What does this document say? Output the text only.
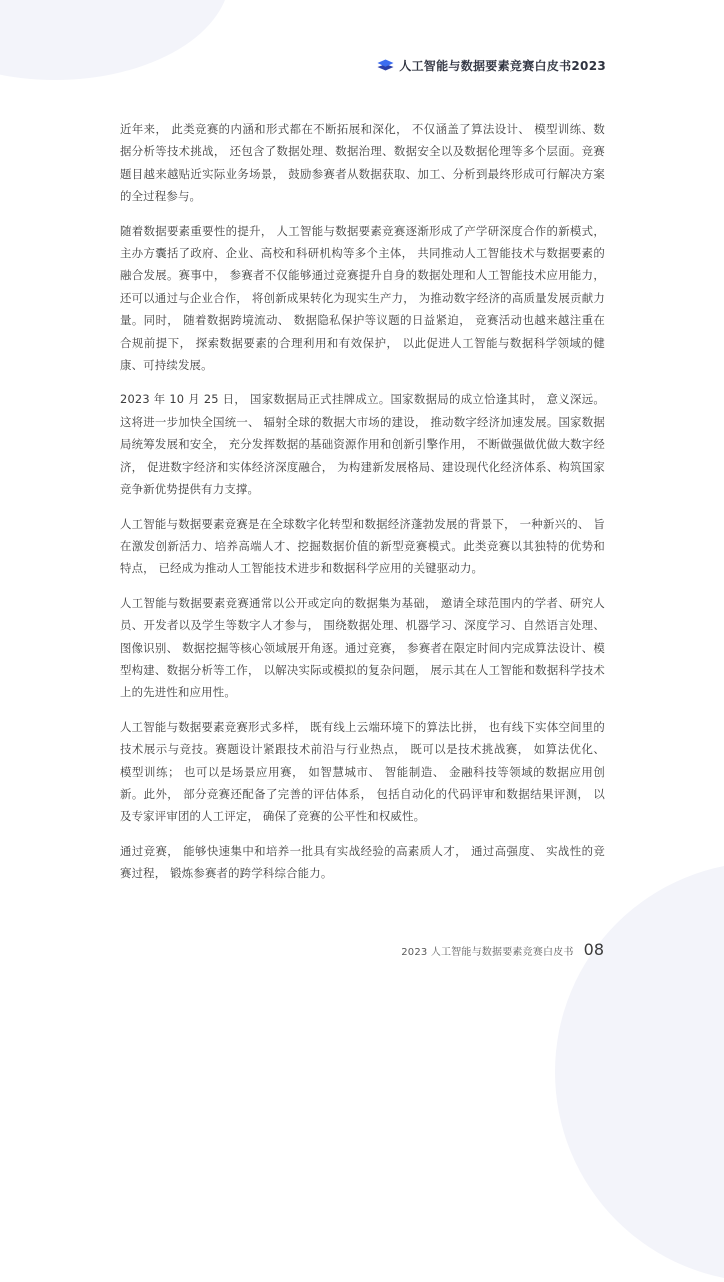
人工智能与数据要素竞赛白皮书2023

近年来， 此类竞赛的内涵和形式都在不断拓展和深化， 不仅涵盖了算法设计、 模型训练、数据分析等技术挑战， 还包含了数据处理、数据治理、数据安全以及数据伦理等多个层面。竞赛题目越来越贴近实际业务场景， 鼓励参赛者从数据获取、加工、分析到最终形成可行解决方案的全过程参与。

随着数据要素重要性的提升， 人工智能与数据要素竞赛逐渐形成了产学研深度合作的新模式， 主办方囊括了政府、企业、高校和科研机构等多个主体， 共同推动人工智能技术与数据要素的融合发展。赛事中， 参赛者不仅能够通过竞赛提升自身的数据处理和人工智能技术应用能力， 还可以通过与企业合作， 将创新成果转化为现实生产力， 为推动数字经济的高质量发展贡献力量。同时， 随着数据跨境流动、 数据隐私保护等议题的日益紧迫， 竞赛活动也越来越注重在合规前提下， 探索数据要素的合理利用和有效保护， 以此促进人工智能与数据科学领域的健康、可持续发展。

2023 年 10 月 25 日， 国家数据局正式挂牌成立。国家数据局的成立恰逢其时， 意义深远。这将进一步加快全国统一、 辐射全球的数据大市场的建设， 推动数字经济加速发展。国家数据局统筹发展和安全， 充分发挥数据的基础资源作用和创新引擎作用， 不断做强做优做大数字经济， 促进数字经济和实体经济深度融合， 为构建新发展格局、建设现代化经济体系、构筑国家竞争新优势提供有力支撑。

人工智能与数据要素竞赛是在全球数字化转型和数据经济蓬勃发展的背景下， 一种新兴的、 旨在激发创新活力、培养高端人才、挖掘数据价值的新型竞赛模式。此类竞赛以其独特的优势和特点， 已经成为推动人工智能技术进步和数据科学应用的关键驱动力。

人工智能与数据要素竞赛通常以公开或定向的数据集为基础， 邀请全球范围内的学者、研究人员、开发者以及学生等数字人才参与， 围绕数据处理、机器学习、深度学习、自然语言处理、 图像识别、 数据挖掘等核心领域展开角逐。通过竞赛， 参赛者在限定时间内完成算法设计、模型构建、数据分析等工作， 以解决实际或模拟的复杂问题， 展示其在人工智能和数据科学技术上的先进性和应用性。

人工智能与数据要素竞赛形式多样， 既有线上云端环境下的算法比拼， 也有线下实体空间里的技术展示与竞技。赛题设计紧跟技术前沿与行业热点， 既可以是技术挑战赛， 如算法优化、 模型训练； 也可以是场景应用赛， 如智慧城市、 智能制造、 金融科技等领域的数据应用创新。此外， 部分竞赛还配备了完善的评估体系， 包括自动化的代码评审和数据结果评测， 以及专家评审团的人工评定， 确保了竞赛的公平性和权威性。

通过竞赛， 能够快速集中和培养一批具有实战经验的高素质人才， 通过高强度、 实战性的竞赛过程， 锻炼参赛者的跨学科综合能力。

2023 人工智能与数据要素竞赛白皮书 08
